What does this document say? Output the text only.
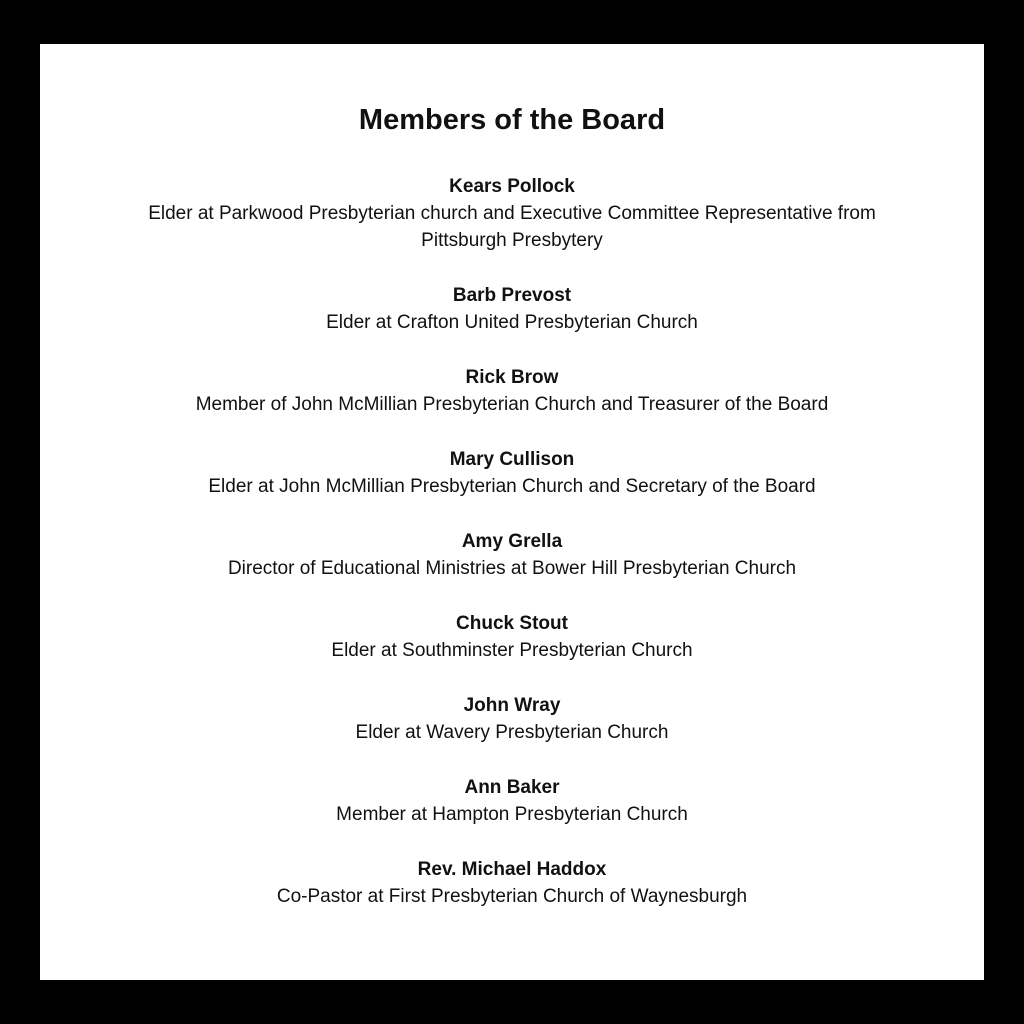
Members of the Board

Kears Pollock

Elder at Parkwood Presbyterian church and Executive Committee Representative from Pittsburgh Presbytery

Barb Prevost

Elder at Crafton United Presbyterian Church

Rick Brow

Member of John McMillian Presbyterian Church and Treasurer of the Board

Mary Cullison

Elder at John McMillian Presbyterian Church and Secretary of the Board

Amy Grella

Director of Educational Ministries at Bower Hill Presbyterian Church

Chuck Stout

Elder at Southminster Presbyterian Church

John Wray

Elder at Wavery Presbyterian Church

Ann Baker

Member at Hampton Presbyterian Church

Rev. Michael Haddox

Co-Pastor at First Presbyterian Church of Waynesburgh
